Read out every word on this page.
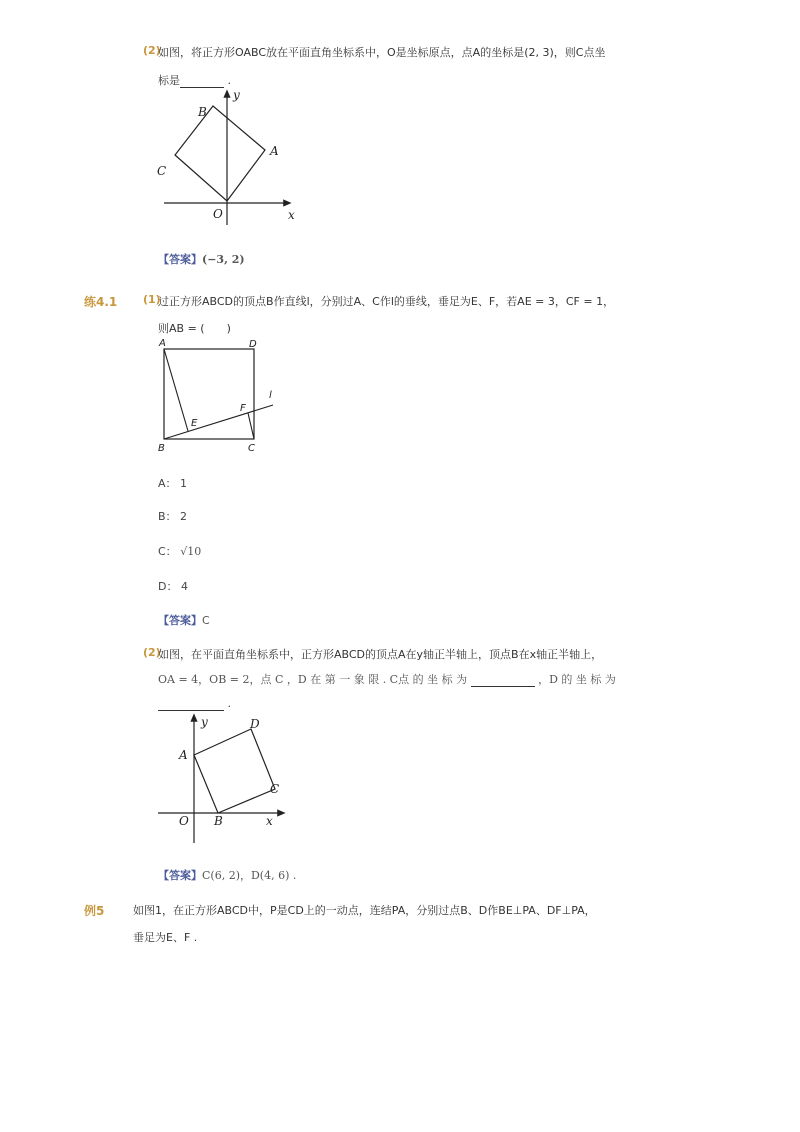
(2)
如图，将正方形OABC放在平面直角坐标系中，O是坐标原点，点A的坐标是(2, 3)，则C点坐
标是	.
y
x
B
A
C
O
【答案】(−3, 2)
练4.1 (1)
过正方形ABCD的顶点B作直线l，分别过A、C作l的垂线，垂足为E、F，若AE = 3，CF = 1，
则AB = (　　)
A	D
B	C
E
F
l
A： 1
B： 2
C： √10
D： 4
【答案】C
(2)
如图，在平面直角坐标系中，正方形ABCD的顶点A在y轴正半轴上，顶点B在x轴正半轴上，
OA = 4，OB = 2，点 C ，D 在 第 一 象 限 . C点 的 坐 标 为	，D 的 坐 标 为
.
y	D
A
C
O B	x
【答案】C(6, 2)，D(4, 6) .
例5	如图1，在正方形ABCD中，P是CD上的一动点，连结PA，分别过点B、D作BE⊥PA、DF⊥PA，
垂足为E、F .
